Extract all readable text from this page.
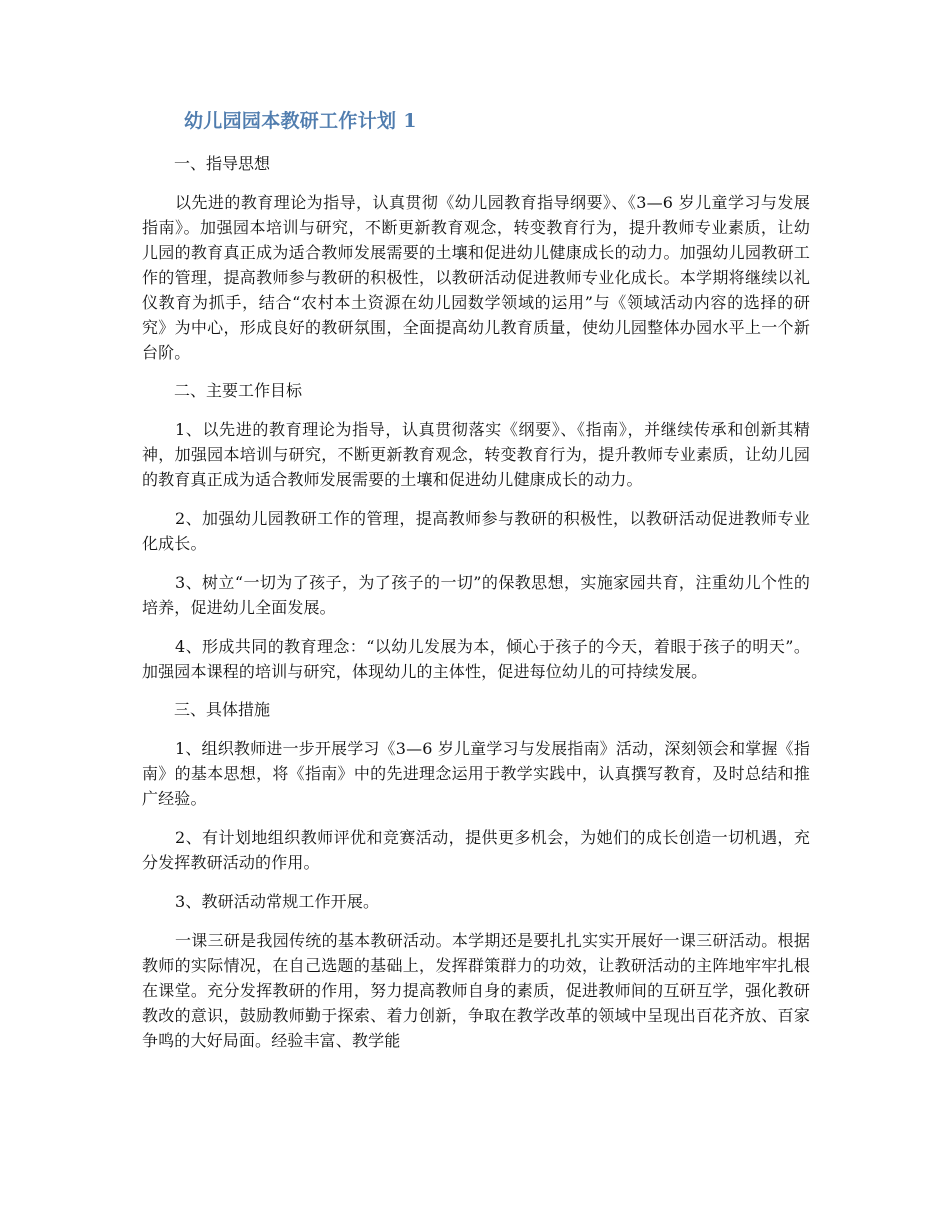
幼儿园园本教研工作计划 1
一、指导思想

以先进的教育理论为指导，认真贯彻《幼儿园教育指导纲要》、《3—6 岁儿童学习与发展指南》。加强园本培训与研究，不断更新教育观念，转变教育行为，提升教师专业素质，让幼儿园的教育真正成为适合教师发展需要的土壤和促进幼儿健康成长的动力。加强幼儿园教研工作的管理，提高教师参与教研的积极性，以教研活动促进教师专业化成长。本学期将继续以礼仪教育为抓手，结合“农村本土资源在幼儿园数学领域的运用”与《领域活动内容的选择的研究》为中心，形成良好的教研氛围，全面提高幼儿教育质量，使幼儿园整体办园水平上一个新台阶。

二、主要工作目标

1、以先进的教育理论为指导，认真贯彻落实《纲要》、《指南》，并继续传承和创新其精神，加强园本培训与研究，不断更新教育观念，转变教育行为，提升教师专业素质，让幼儿园的教育真正成为适合教师发展需要的土壤和促进幼儿健康成长的动力。

2、加强幼儿园教研工作的管理，提高教师参与教研的积极性，以教研活动促进教师专业化成长。

3、树立“一切为了孩子，为了孩子的一切”的保教思想，实施家园共育，注重幼儿个性的培养，促进幼儿全面发展。

4、形成共同的教育理念：“以幼儿发展为本，倾心于孩子的今天，着眼于孩子的明天”。加强园本课程的培训与研究，体现幼儿的主体性，促进每位幼儿的可持续发展。

三、具体措施

1、组织教师进一步开展学习《3—6 岁儿童学习与发展指南》活动，深刻领会和掌握《指南》的基本思想，将《指南》中的先进理念运用于教学实践中，认真撰写教育，及时总结和推广经验。

2、有计划地组织教师评优和竞赛活动，提供更多机会，为她们的成长创造一切机遇，充分发挥教研活动的作用。

3、教研活动常规工作开展。

一课三研是我园传统的基本教研活动。本学期还是要扎扎实实开展好一课三研活动。根据教师的实际情况，在自己选题的基础上，发挥群策群力的功效，让教研活动的主阵地牢牢扎根在课堂。充分发挥教研的作用，努力提高教师自身的素质，促进教师间的互研互学，强化教研教改的意识，鼓励教师勤于探索、着力创新，争取在教学改革的领域中呈现出百花齐放、百家争鸣的大好局面。经验丰富、教学能
